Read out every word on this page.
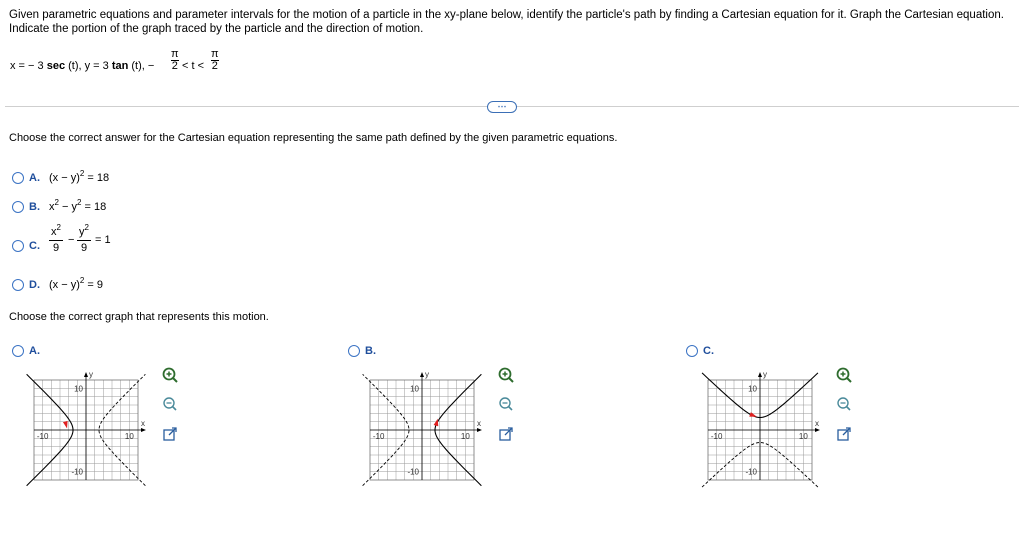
Given parametric equations and parameter intervals for the motion of a particle in the xy-plane below, identify the particle's path by finding a Cartesian equation for it. Graph the Cartesian equation. Indicate the portion of the graph traced by the particle and the direction of motion.
x = − 3 sec (t), y = 3 tan (t), − $\frac{\pi}{2} < t < \frac{\pi}{2}$
⋯
Choose the correct answer for the Cartesian equation representing the same path defined by the given parametric equations.
A. $(x - y)^2 = 18$
B. $x^2 - y^2 = 18$
C.
$x^2$
9
−
$y^2$
9
= 1
D. $(x - y)^2 = 9$
Choose the correct graph that represents this motion.
A.	B.	C.
10
-10
10
-10
x
y
10
-10
10
-10
x
y
10
-10
10
-10
x
y
